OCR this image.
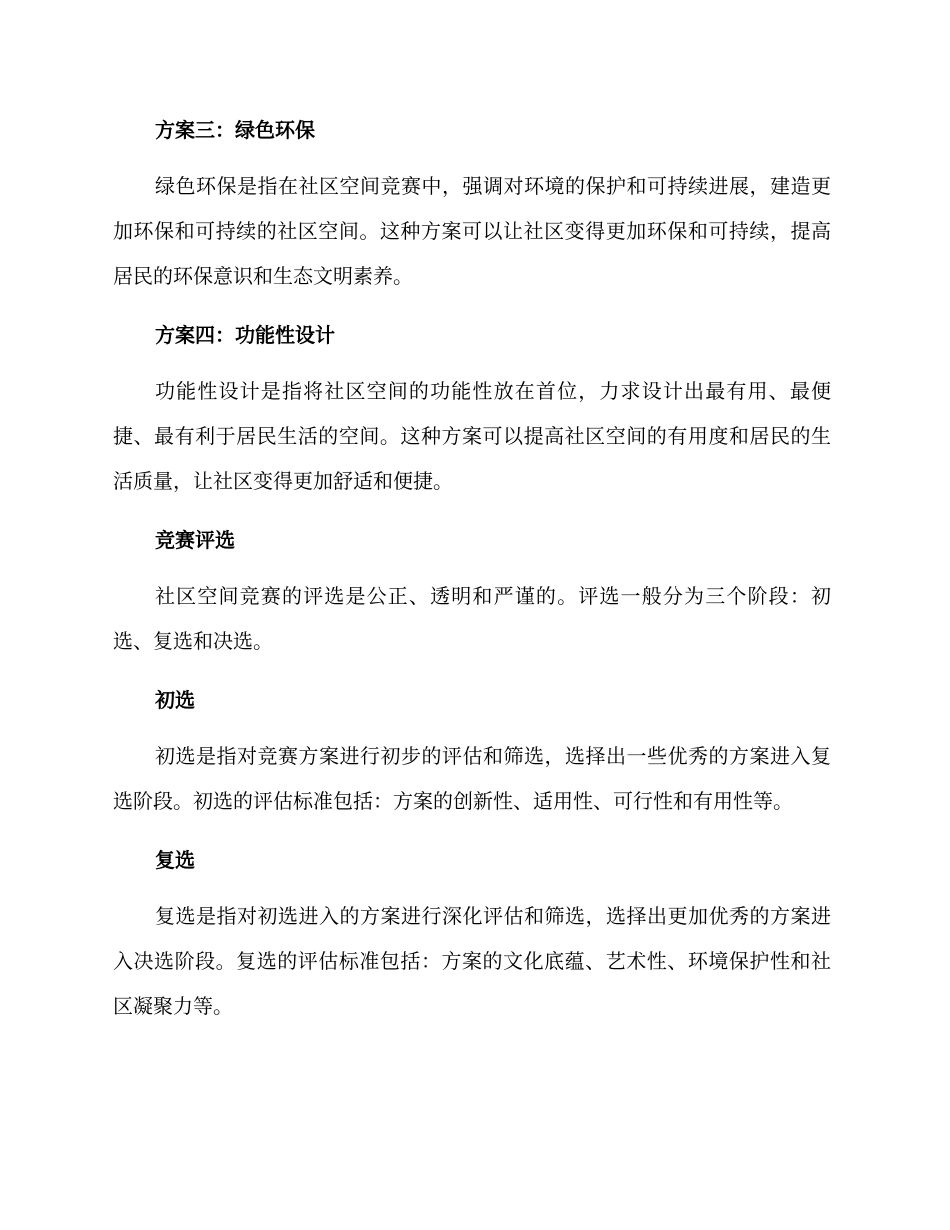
方案三：绿色环保

绿色环保是指在社区空间竞赛中，强调对环境的保护和可持续进展，建造更加环保和可持续的社区空间。这种方案可以让社区变得更加环保和可持续，提高居民的环保意识和生态文明素养。

方案四：功能性设计

功能性设计是指将社区空间的功能性放在首位，力求设计出最有用、最便捷、最有利于居民生活的空间。这种方案可以提高社区空间的有用度和居民的生活质量，让社区变得更加舒适和便捷。

竞赛评选

社区空间竞赛的评选是公正、透明和严谨的。评选一般分为三个阶段：初选、复选和决选。

初选

初选是指对竞赛方案进行初步的评估和筛选，选择出一些优秀的方案进入复选阶段。初选的评估标准包括：方案的创新性、适用性、可行性和有用性等。

复选

复选是指对初选进入的方案进行深化评估和筛选，选择出更加优秀的方案进入决选阶段。复选的评估标准包括：方案的文化底蕴、艺术性、环境保护性和社区凝聚力等。
